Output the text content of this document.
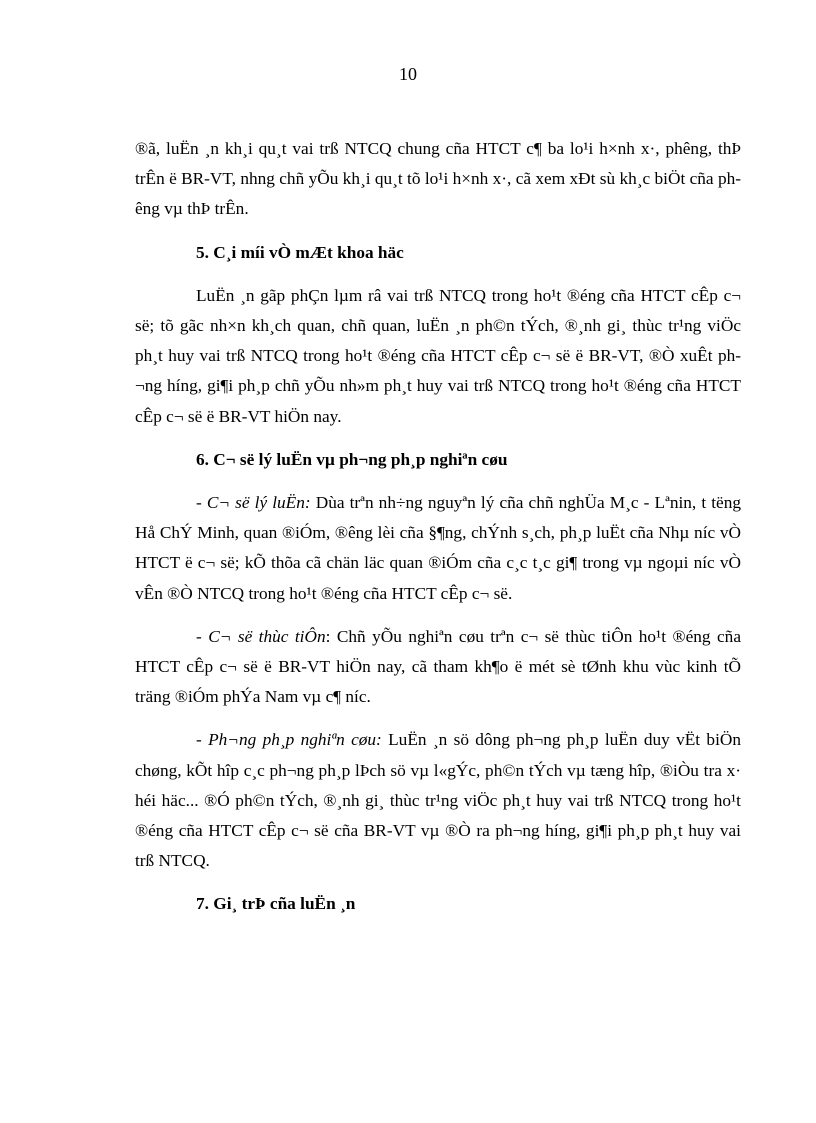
10

®ã, luËn ¸n kh¸i qu¸t vai trß NTCQ chung cña HTCT c¶ ba lo¹i h×nh x·, phêng, thÞ trÊn ë BR-VT, nhng chñ yÕu kh¸i qu¸t tõ lo¹i h×nh x·, cã xem xÐt sù kh¸c biÖt cña phêng vµ thÞ trÊn.

5. C¸i míi vÒ mÆt khoa häc

LuËn ¸n gãp phÇn lµm râ vai trß NTCQ trong ho¹t ®éng cña HTCT cÊp c¬ së; tõ gãc nh×n kh¸ch quan, chñ quan, luËn ¸n ph©n tÝch, ®¸nh gi¸ thùc tr¹ng viÖc ph¸t huy vai trß NTCQ trong ho¹t ®éng cña HTCT cÊp c¬ së ë BR-VT, ®Ò xuÊt ph¬ng híng, gi¶i ph¸p chñ yÕu nh»m ph¸t huy vai trß NTCQ trong ho¹t ®éng cña HTCT cÊp c¬ së ë BR-VT hiÖn nay.

6. C¬ së lý luËn vµ ph¬ng ph¸p nghiªn cøu

- C¬ së lý luËn: Dùa trªn nh÷ng nguyªn lý cña chñ nghÜa M¸c - Lªnin, t tëng Hå ChÝ Minh, quan ®iÓm, ®êng lèi cña §¶ng, chÝnh s¸ch, ph¸p luËt cña Nhµ níc vÒ HTCT ë c¬ së; kÕ thõa cã chän läc quan ®iÓm cña c¸c t¸c gi¶ trong vµ ngoµi níc vÒ vÊn ®Ò NTCQ trong ho¹t ®éng cña HTCT cÊp c¬ së.

- C¬ së thùc tiÔn: Chñ yÕu nghiªn cøu trªn c¬ së thùc tiÔn ho¹t ®éng cña HTCT cÊp c¬ së ë BR-VT hiÖn nay, cã tham kh¶o ë mét sè tØnh khu vùc kinh tÕ träng ®iÓm phÝa Nam vµ c¶ níc.

- Ph¬ng ph¸p nghiªn cøu: LuËn ¸n sö dông ph¬ng ph¸p luËn duy vËt biÖn chøng, kÕt hîp c¸c ph¬ng ph¸p lÞch sö vµ l«gÝc, ph©n tÝch vµ tæng hîp, ®iÒu tra x· héi häc... ®Ó ph©n tÝch, ®¸nh gi¸ thùc tr¹ng viÖc ph¸t huy vai trß NTCQ trong ho¹t ®éng cña HTCT cÊp c¬ së cña BR-VT vµ ®Ò ra ph¬ng híng, gi¶i ph¸p ph¸t huy vai trß NTCQ.

7. Gi¸ trÞ cña luËn ¸n
